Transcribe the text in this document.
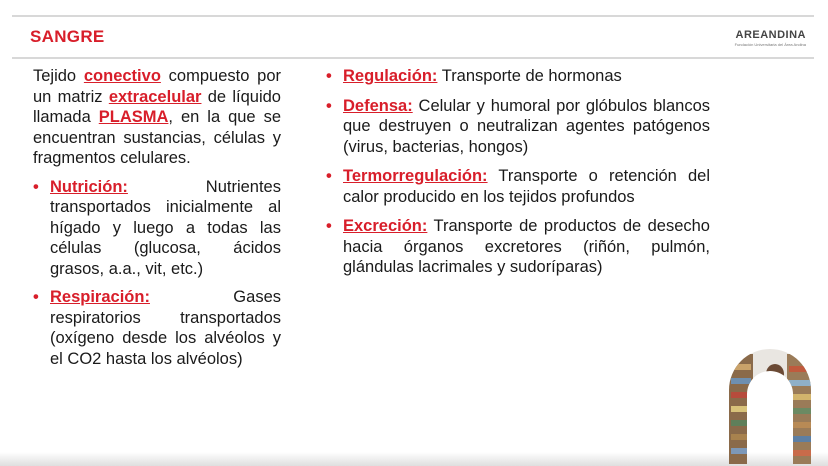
SANGRE	AREANDINA
Fundación Universitaria del Área Andina

Tejido conectivo compuesto por un matriz extracelular de líquido llamada PLASMA, en la que se encuentran sustancias, células y fragmentos celulares.

• Nutrición: Nutrientes transportados inicialmente al hígado y luego a todas las células (glucosa, ácidos grasos, a.a., vit, etc.)
• Respiración: Gases respiratorios transportados (oxígeno desde los alvéolos y el CO2 hasta los alvéolos)
• Regulación: Transporte de hormonas
• Defensa: Celular y humoral por glóbulos blancos que destruyen o neutralizan agentes patógenos (virus, bacterias, hongos)
• Termorregulación: Transporte o retención del calor producido en los tejidos profundos
• Excreción: Transporte de productos de desecho hacia órganos excretores (riñón, pulmón, glándulas lacrimales y sudoríparas)
